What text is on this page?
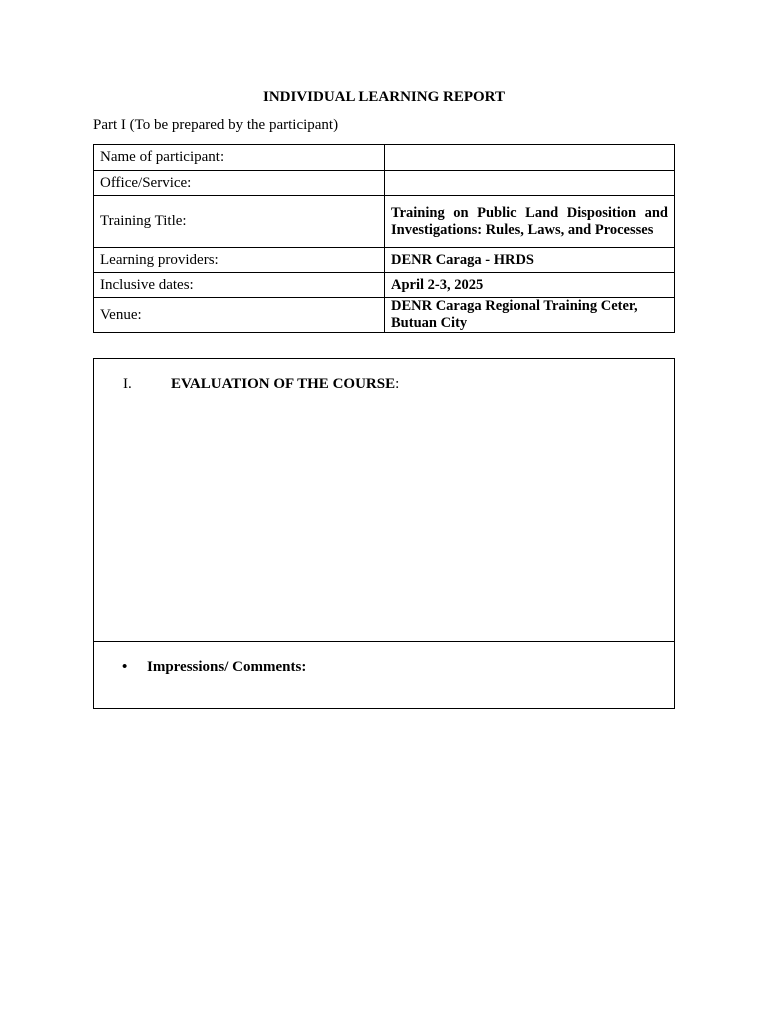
INDIVIDUAL LEARNING REPORT
Part I (To be prepared by the participant)
Name of participant:	
Office/Service:	
Training Title:	Training on Public Land Disposition and Investigations: Rules, Laws, and Processes
Learning providers:	DENR Caraga - HRDS
Inclusive dates:	April 2-3, 2025
Venue:	DENR Caraga Regional Training Ceter, Butuan City
I.	EVALUATION OF THE COURSE:
• Impressions/ Comments:
